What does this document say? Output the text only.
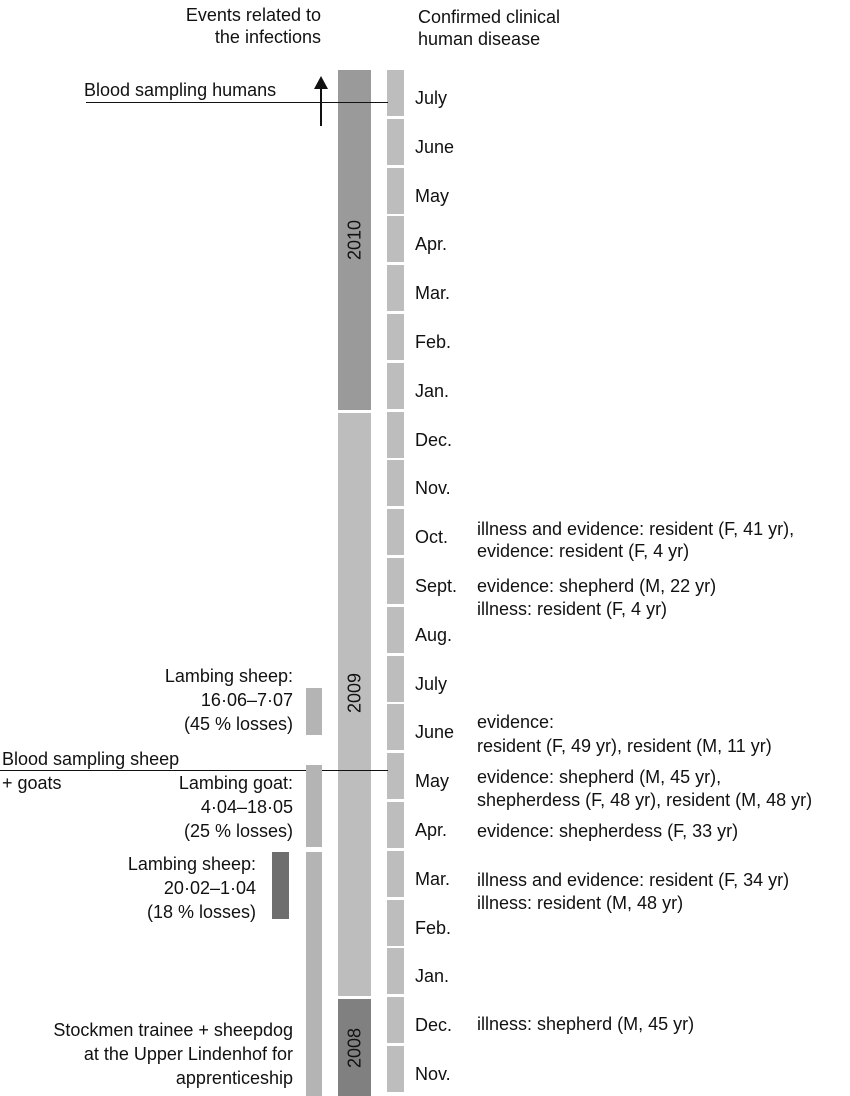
Events related to
the infections
Confirmed clinical
human disease
2010
2009
2008
July
June
May
Apr.
Mar.
Feb.
Jan.
Dec.
Nov.
Oct.
Sept.
Aug.
July
June
May
Apr.
Mar.
Feb.
Jan.
Dec.
Nov.
Blood sampling humans
Blood sampling sheep
+ goats
Lambing sheep:
16·06–7·07
(45 % losses)
Lambing goat:
4·04–18·05
(25 % losses)
Lambing sheep:
20·02–1·04
(18 % losses)
Stockmen trainee + sheepdog
at the Upper Lindenhof for
apprenticeship
illness and evidence: resident (F, 41 yr),
evidence: resident (F, 4 yr)
evidence: shepherd (M, 22 yr)
illness: resident (F, 4 yr)
evidence:
resident (F, 49 yr), resident (M, 11 yr)
evidence: shepherd (M, 45 yr),
shepherdess (F, 48 yr), resident (M, 48 yr)
evidence: shepherdess (F, 33 yr)
illness and evidence: resident (F, 34 yr)
illness: resident (M, 48 yr)
illness: shepherd (M, 45 yr)
